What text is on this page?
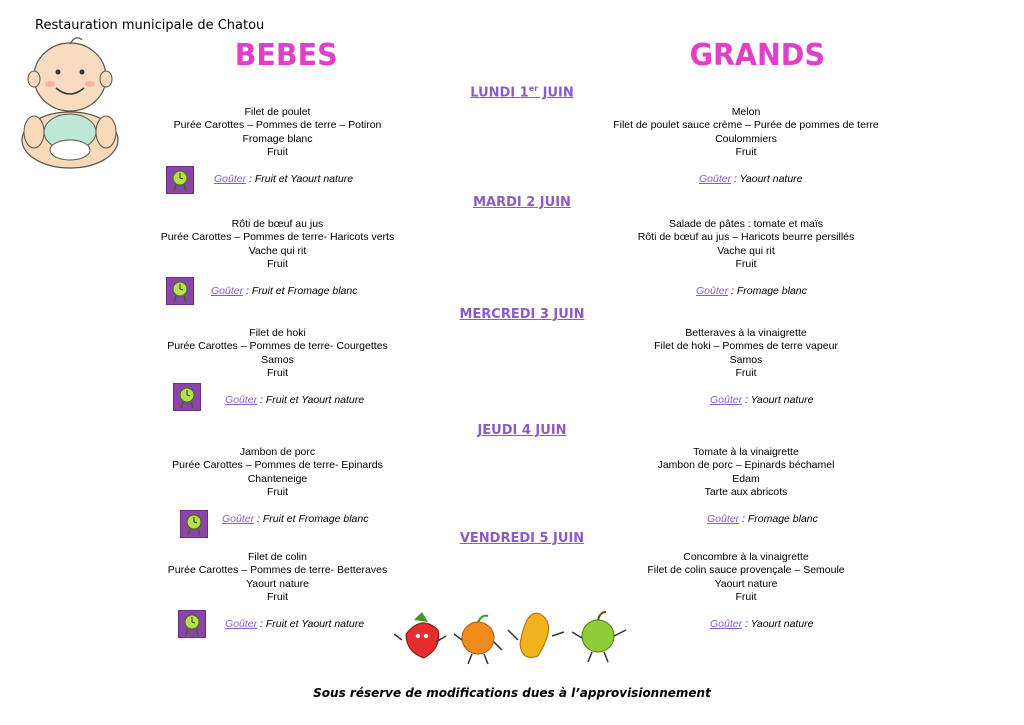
Restauration municipale de Chatou
BEBES	GRANDS
LUNDI 1er JUIN
Filet de poulet
Purée Carottes – Pommes de terre – Potiron
Fromage blanc
Fruit
Goûter : Fruit et Yaourt nature
Melon
Filet de poulet sauce crème – Purée de pommes de terre
Coulommiers
Fruit
Goûter : Yaourt nature
MARDI 2 JUIN
Rôti de bœuf au jus
Purée Carottes – Pommes de terre- Haricots verts
Vache qui rit
Fruit
Goûter : Fruit et Fromage blanc
Salade de pâtes : tomate et maïs
Rôti de bœuf au jus – Haricots beurre persillés
Vache qui rit
Fruit
Goûter : Fromage blanc
MERCREDI 3 JUIN
Filet de hoki
Purée Carottes – Pommes de terre- Courgettes
Samos
Fruit
Goûter : Fruit et Yaourt nature
Betteraves à la vinaigrette
Filet de hoki – Pommes de terre vapeur
Samos
Fruit
Goûter : Yaourt nature
JEUDI 4 JUIN
Jambon de porc
Purée Carottes – Pommes de terre- Epinards
Chanteneige
Fruit
Goûter : Fruit et Fromage blanc
Tomate à la vinaigrette
Jambon de porc – Epinards béchamel
Edam
Tarte aux abricots
Goûter : Fromage blanc
VENDREDI 5 JUIN
Filet de colin
Purée Carottes – Pommes de terre- Betteraves
Yaourt nature
Fruit
Goûter : Fruit et Yaourt nature
Concombre à la vinaigrette
Filet de colin sauce provençale – Semoule
Yaourt nature
Fruit
Goûter : Yaourt nature
Sous réserve de modifications dues à l’approvisionnement
